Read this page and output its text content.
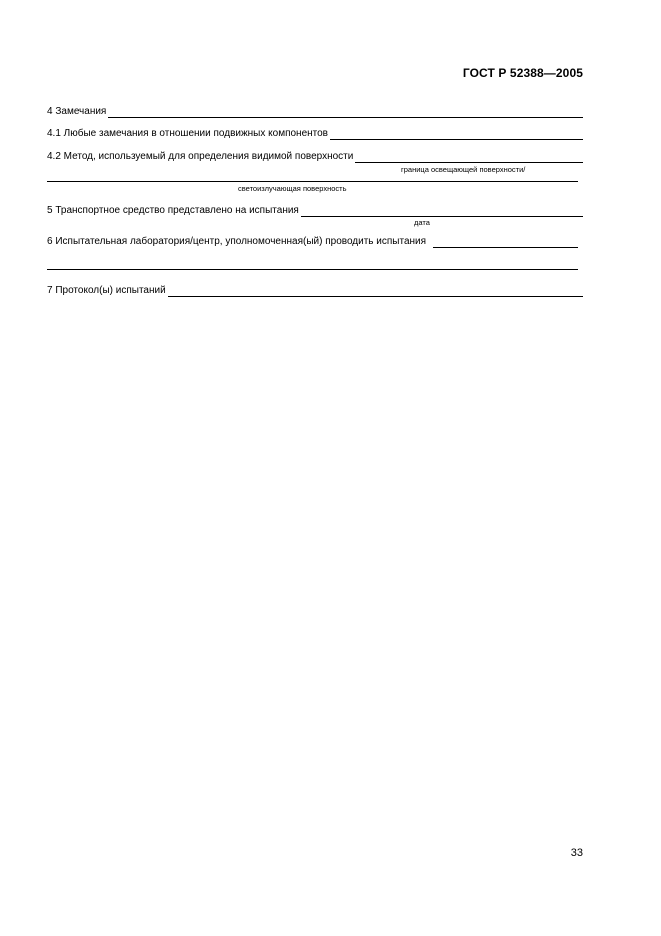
ГОСТ Р 52388—2005
4 Замечания
4.1 Любые замечания в отношении подвижных компонентов
4.2 Метод, используемый для определения видимой поверхности
граница освещающей поверхности/
светоизлучающая поверхность
5 Транспортное средство представлено на испытания
дата
6 Испытательная лаборатория/центр, уполномоченная(ый) проводить испытания
7 Протокол(ы) испытаний
33
